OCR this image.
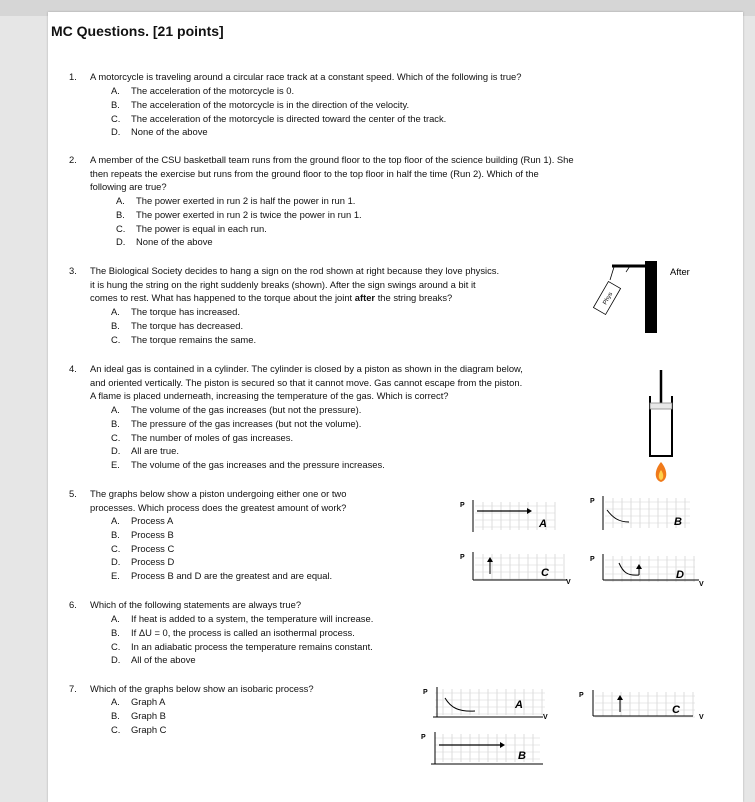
MC Questions. [21 points]
1. A motorcycle is traveling around a circular race track at a constant speed. Which of the following is true?
A. The acceleration of the motorcycle is 0.
B. The acceleration of the motorcycle is in the direction of the velocity.
C. The acceleration of the motorcycle is directed toward the center of the track.
D. None of the above
2. A member of the CSU basketball team runs from the ground floor to the top floor of the science building (Run 1). She
then repeats the exercise but runs from the ground floor to the top floor in half the time (Run 2). Which of the
following are true?
A. The power exerted in run 2 is half the power in run 1.
B. The power exerted in run 2 is twice the power in run 1.
C. The power is equal in each run.
D. None of the above
3. The Biological Society decides to hang a sign on the rod shown at right because they love physics.
it is hung the string on the right suddenly breaks (shown). After the sign swings around a bit it
comes to rest. What has happened to the torque about the joint after the string breaks?
A. The torque has increased.
B. The torque has decreased.
C. The torque remains the same.
Phys
After
4. An ideal gas is contained in a cylinder. The cylinder is closed by a piston as shown in the diagram below,
and oriented vertically. The piston is secured so that it cannot move. Gas cannot escape from the piston.
A flame is placed underneath, increasing the temperature of the gas. Which is correct?
A. The volume of the gas increases (but not the pressure).
B. The pressure of the gas increases (but not the volume).
C. The number of moles of gas increases.
D. All are true.
E. The volume of the gas increases and the pressure increases.
5. The graphs below show a piston undergoing either one or two
processes. Which process does the greatest amount of work?
A. Process A
B. Process B
C. Process C
D. Process D
E. Process B and D are the greatest and are equal.
P
A
P
B
P
V
C
P
V
D
6. Which of the following statements are always true?
A. If heat is added to a system, the temperature will increase.
B. If ΔU = 0, the process is called an isothermal process.
C. In an adiabatic process the temperature remains constant.
D. All of the above
7. Which of the graphs below show an isobaric process?
A. Graph A
B. Graph B
C. Graph C
P
V
A
P
V
C
P
B
